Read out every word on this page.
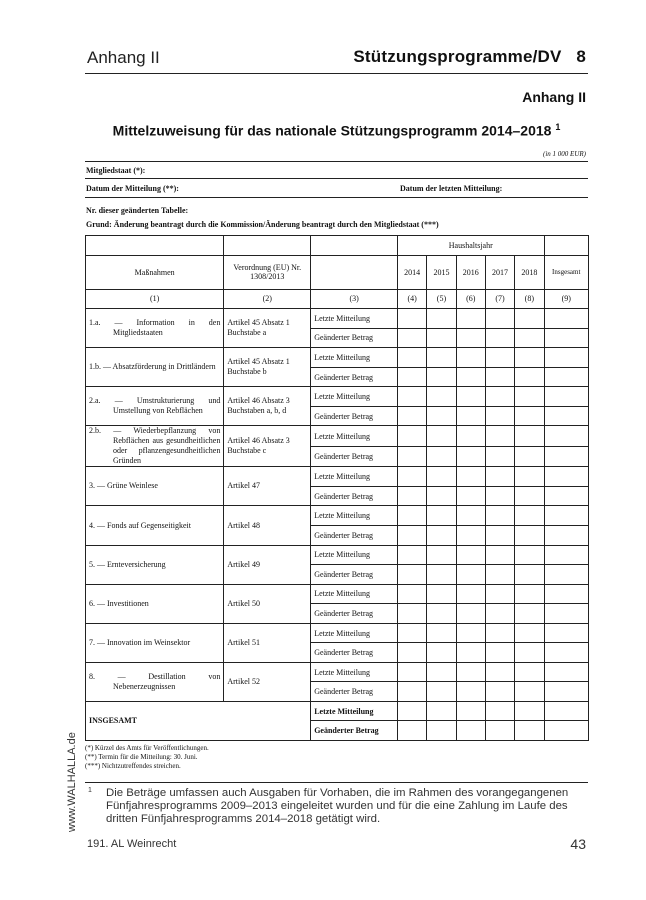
Anhang II	Stützungsprogramme/DV   8
Anhang II
Mittelzuweisung für das nationale Stützungsprogramm 2014–2018 $^1$
(in 1 000 EUR)
Mitgliedstaat (*):
Datum der Mitteilung (**):	Datum der letzten Mitteilung:
Nr. dieser geänderten Tabelle:
Grund: Änderung beantragt durch die Kommission/Änderung beantragt durch den Mitgliedstaat (***)
			Haushaltsjahr					
Maßnahmen	Verordnung (EU) Nr. 1308/2013		2014	2015	2016	2017	2018	Insgesamt
(1)	(2)	(3)	(4)	(5)	(6)	(7)	(8)	(9)

1.a. — Information in den Mitgliedstaaten	Artikel 45 Absatz 1 Buchstabe a	Letzte Mitteilung						
		Geänderter Betrag						

1.b. — Absatzförderung in Drittländern	Artikel 45 Absatz 1 Buchstabe b	Letzte Mitteilung						
		Geänderter Betrag						

2.a. — Umstrukturierung und Umstellung von Rebflächen	Artikel 46 Absatz 3 Buchstaben a, b, d	Letzte Mitteilung						
		Geänderter Betrag						

2.b. — Wiederbepflanzung von Rebflächen aus gesundheitlichen oder pflanzengesundheitlichen Gründen	Artikel 46 Absatz 3 Buchstabe c	Letzte Mitteilung						
		Geänderter Betrag						

3. — Grüne Weinlese	Artikel 47	Letzte Mitteilung						
		Geänderter Betrag						

4. — Fonds auf Gegenseitigkeit	Artikel 48	Letzte Mitteilung						
		Geänderter Betrag						

5. — Ernteversicherung	Artikel 49	Letzte Mitteilung						
		Geänderter Betrag						

6. — Investitionen	Artikel 50	Letzte Mitteilung						
		Geänderter Betrag						

7. — Innovation im Weinsektor	Artikel 51	Letzte Mitteilung						
		Geänderter Betrag						

8. — Destillation von Nebenerzeugnissen	Artikel 52	Letzte Mitteilung						
		Geänderter Betrag						
INSGESAMT		Letzte Mitteilung						
		Geänderter Betrag						
(*) Kürzel des Amts für Veröffentlichungen.
(**) Termin für die Mitteilung: 30. Juni.
(***) Nichtzutreffendes streichen.
1 Die Beträge umfassen auch Ausgaben für Vorhaben, die im Rahmen des vorangegangenen Fünfjahresprogramms 2009–2013 eingeleitet wurden und für die eine Zahlung im Laufe des dritten Fünfjahresprogramms 2014–2018 getätigt wird.
191. AL Weinrecht	43
www.WALHALLA.de
